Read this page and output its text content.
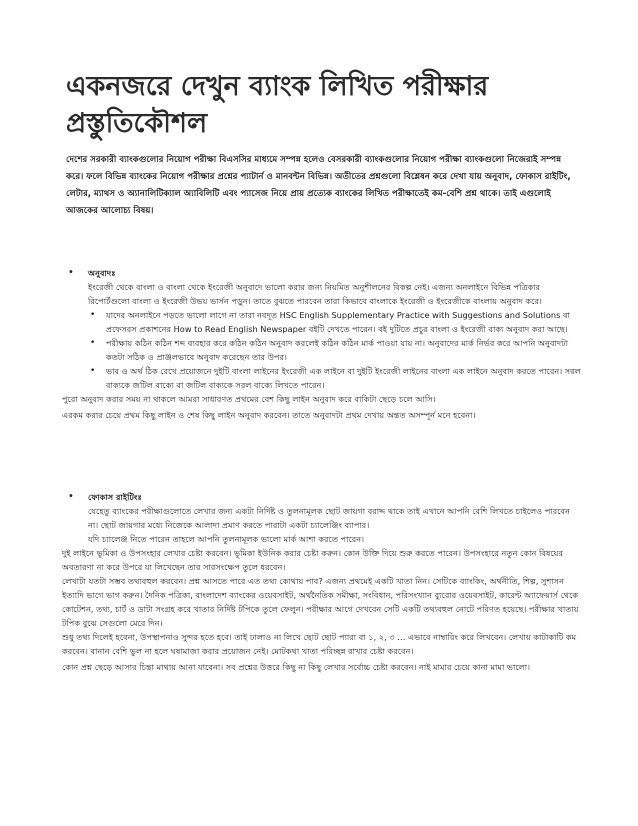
একনজরে দেখুন ব্যাংক লিখিত পরীক্ষার প্রস্তুতিকৌশল

দেশের সরকারী ব্যাংকগুলোর নিয়োগ পরীক্ষা বিএসসির মাধ্যমে সম্পন্ন হলেও বেসরকারী ব্যাংকগুলোর নিয়োগ পরীক্ষা ব্যাংকগুলো নিজেরাই সম্পন্ন করে। ফলে বিভিন্ন ব্যাংকের নিয়োগ পরীক্ষার প্রশ্নের প্যাটার্ন ও মানবন্টন বিভিন্ন। অতীতের প্রশ্নগুলো বিশ্লেষন করে দেখা যায় অনুবাদ, ফোকাস রাইটিং, লেটার, ম্যাথস ও অ্যানালিটিক্যাল অ্যাবিলিটি এবং প্যাসেজ নিয়ে প্রায় প্রত্যেক ব্যাংকের লিখিত পরীক্ষাতেই কম-বেশি প্রশ্ন থাকে। তাই এগুলোই আজকের আলোচ্য বিষয়।

• অনুবাদঃ

ইংরেজী থেকে বাংলা ও বাংলা থেকে ইংরেজী অনুবাদে ভালো করার জন্য নিয়মিত অনুশীলনের বিকল্প নেই। এজন্য অনলাইনে বিভিন্ন পত্রিকার রিপোর্টগুলো বাংলা ও ইংরেজী উভয় ভার্সন পড়ুন। তাতে বুঝতে পারবেন তারা কিভাবে বাংলাকে ইংরেজী ও ইংরেজীকে বাংলায় অনুবাদ করে।

• যাদের অনলাইনে পড়তে ভালো লাগে না তারা নবদূত HSC English Supplementary Practice with Suggestions and Solutions বা প্রফেসরস প্রকাশনের How to Read English Newspaper বইটি দেখতে পারেন। বই দুটিতে প্রচুর বাংলা ও ইংরেজী বাক্য অনুবাদ করা আছে।
• পরীক্ষায় কঠিন কঠিন শব্দ ব্যবহার করে কঠিন কঠিন অনুবাদ করলেই কঠিন কঠিন মার্ক পাওয়া যায় না। অনুবাদের মার্ক নির্ভর করে আপনি অনুবাদটা কতটা সঠিক ও প্রাঞ্জলভাবে অনুবাদ করেছেন তার উপর।
• ভাব ও অর্থ ঠিক রেখে প্রয়োজনে দুইটি বাংলা লাইনের ইংরেজী এক লাইনে বা দুইটি ইংরেজী লাইনের বাংলা এক লাইনে অনুবাদ করতে পারেন। সরল বাক্যকে জটিল বাক্যে বা জটিল বাক্যকে সরল বাক্যে লিখতে পারেন।

পুরো অনুবাদ করার সময় না থাকলে আমরা সাধারণত প্রথমের বেশ কিছু লাইন অনুবাদ করে বাকিটা ছেড়ে চলে আসি।

এরকম করার চেয়ে প্রথম কিছু লাইন ও শেষ কিছু লাইন অনুবাদ করবেন। তাতে অনুবাদটা প্রথম দেখায় অন্তত অসম্পূর্ন মনে হবেনা।

• ফোকাস রাইটিংঃ

যেহেতু ব্যাংকের পরীক্ষাগুলোতে লেখার জন্য একটা নির্দিষ্ট ও তুলনামূলক ছোট জায়গা বরাদ্দ থাকে তাই এখানে আপনি বেশি লিখতে চাইলেও পারবেন না। ছোট জায়গার মধ্যে নিজেকে আলাদা প্রমাণ করতে পারাটা একটা চ্যালেঞ্জিং ব্যাপার।

যদি চ্যালেঞ্জ নিতে পারেন তাহলে আপনি তুলনামূলক ভালো মার্ক আশা করতে পারেন।

দুই লাইনে ভূমিকা ও উপসংহার লেখার চেষ্টা করবেন। ভূমিকা ইউনিক করার চেষ্টা করুন। কোন উক্তি দিয়ে শুরু করতে পারেন। উপসংহারে নতুন কোন বিষয়ের অবতারণা না করে উপরে যা লিখেছেন তার সারসংক্ষেপ তুলে ধরবেন।

লেখাটা যতটা সম্ভব তথ্যবহুল করবেন। প্রশ্ন আসতে পারে এত তথ্য কোথায় পাব? এজন্য প্রথমেই একটি খাতা নিন। সেটিকে ব্যাংকিং, অর্থনীতি, শিল্প, সুশাসন ইত্যাদি ভাগে ভাগ করুন। দৈনিক পত্রিকা, বাংলাদেশ ব্যাংকের ওয়েবসাইট, অর্থনৈতিক সমীক্ষা, সংবিধান, পরিসংখ্যান ব্যুরোর ওয়েবসাইট, কারেন্ট অ্যাফেয়ার্স থেকে কোটেশন, তথ্য, চার্ট ও ডাটা সংগ্রহ করে খাতার নির্দিষ্ট টপিকে তুলে ফেলুন। পরীক্ষার আগে দেখবেন সেটি একটি তথ্যবহুল নোটে পরিণত হয়েছে। পরীক্ষার খাতায় টপিক বুঝে সেগুলো মেরে দিন।

শুধু তথ্য দিলেই হবেনা, উপস্থাপনাও সুন্দর হতে হবে। তাই ঢালাও না লিখে ছোট ছোট প্যারা বা ১, ২, ৩ … এভাবে নাম্বারিং করে লিখবেন। লেখায় কাটাকাটি কম করবেন। বানান বেশি ভুল না হলে ঘষামাজা করার প্রয়োজন নেই। মোটকথা খাতা পরিচ্ছন্ন রাখার চেষ্টা করবেন।

কোন প্রশ্ন ছেড়ে আসার চিন্তা মাথায় আনা যাবেনা। সব প্রশ্নের উত্তরে কিছু না কিছু লেখার সর্বোচ্চ চেষ্টা করবেন। নাই মামার চেয়ে কানা মামা ভালো।
